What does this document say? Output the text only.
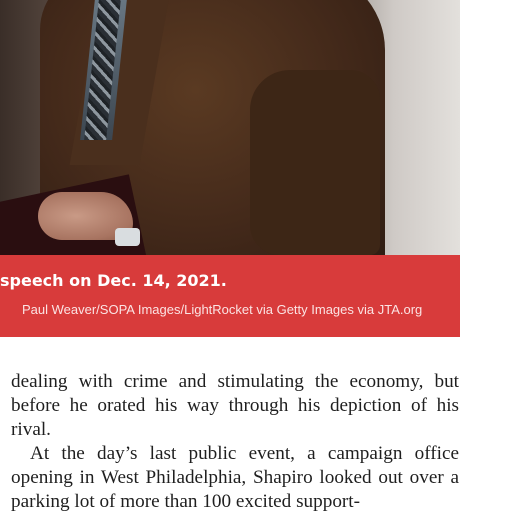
speech on Dec. 14, 2021.

Paul Weaver/SOPA Images/LightRocket via Getty Images via JTA.org

dealing with crime and stimulating the economy, but before he orated his way through his depiction of his rival.

At the day’s last public event, a campaign office opening in West Philadelphia, Shapiro looked out over a parking lot of more than 100 excited support-
